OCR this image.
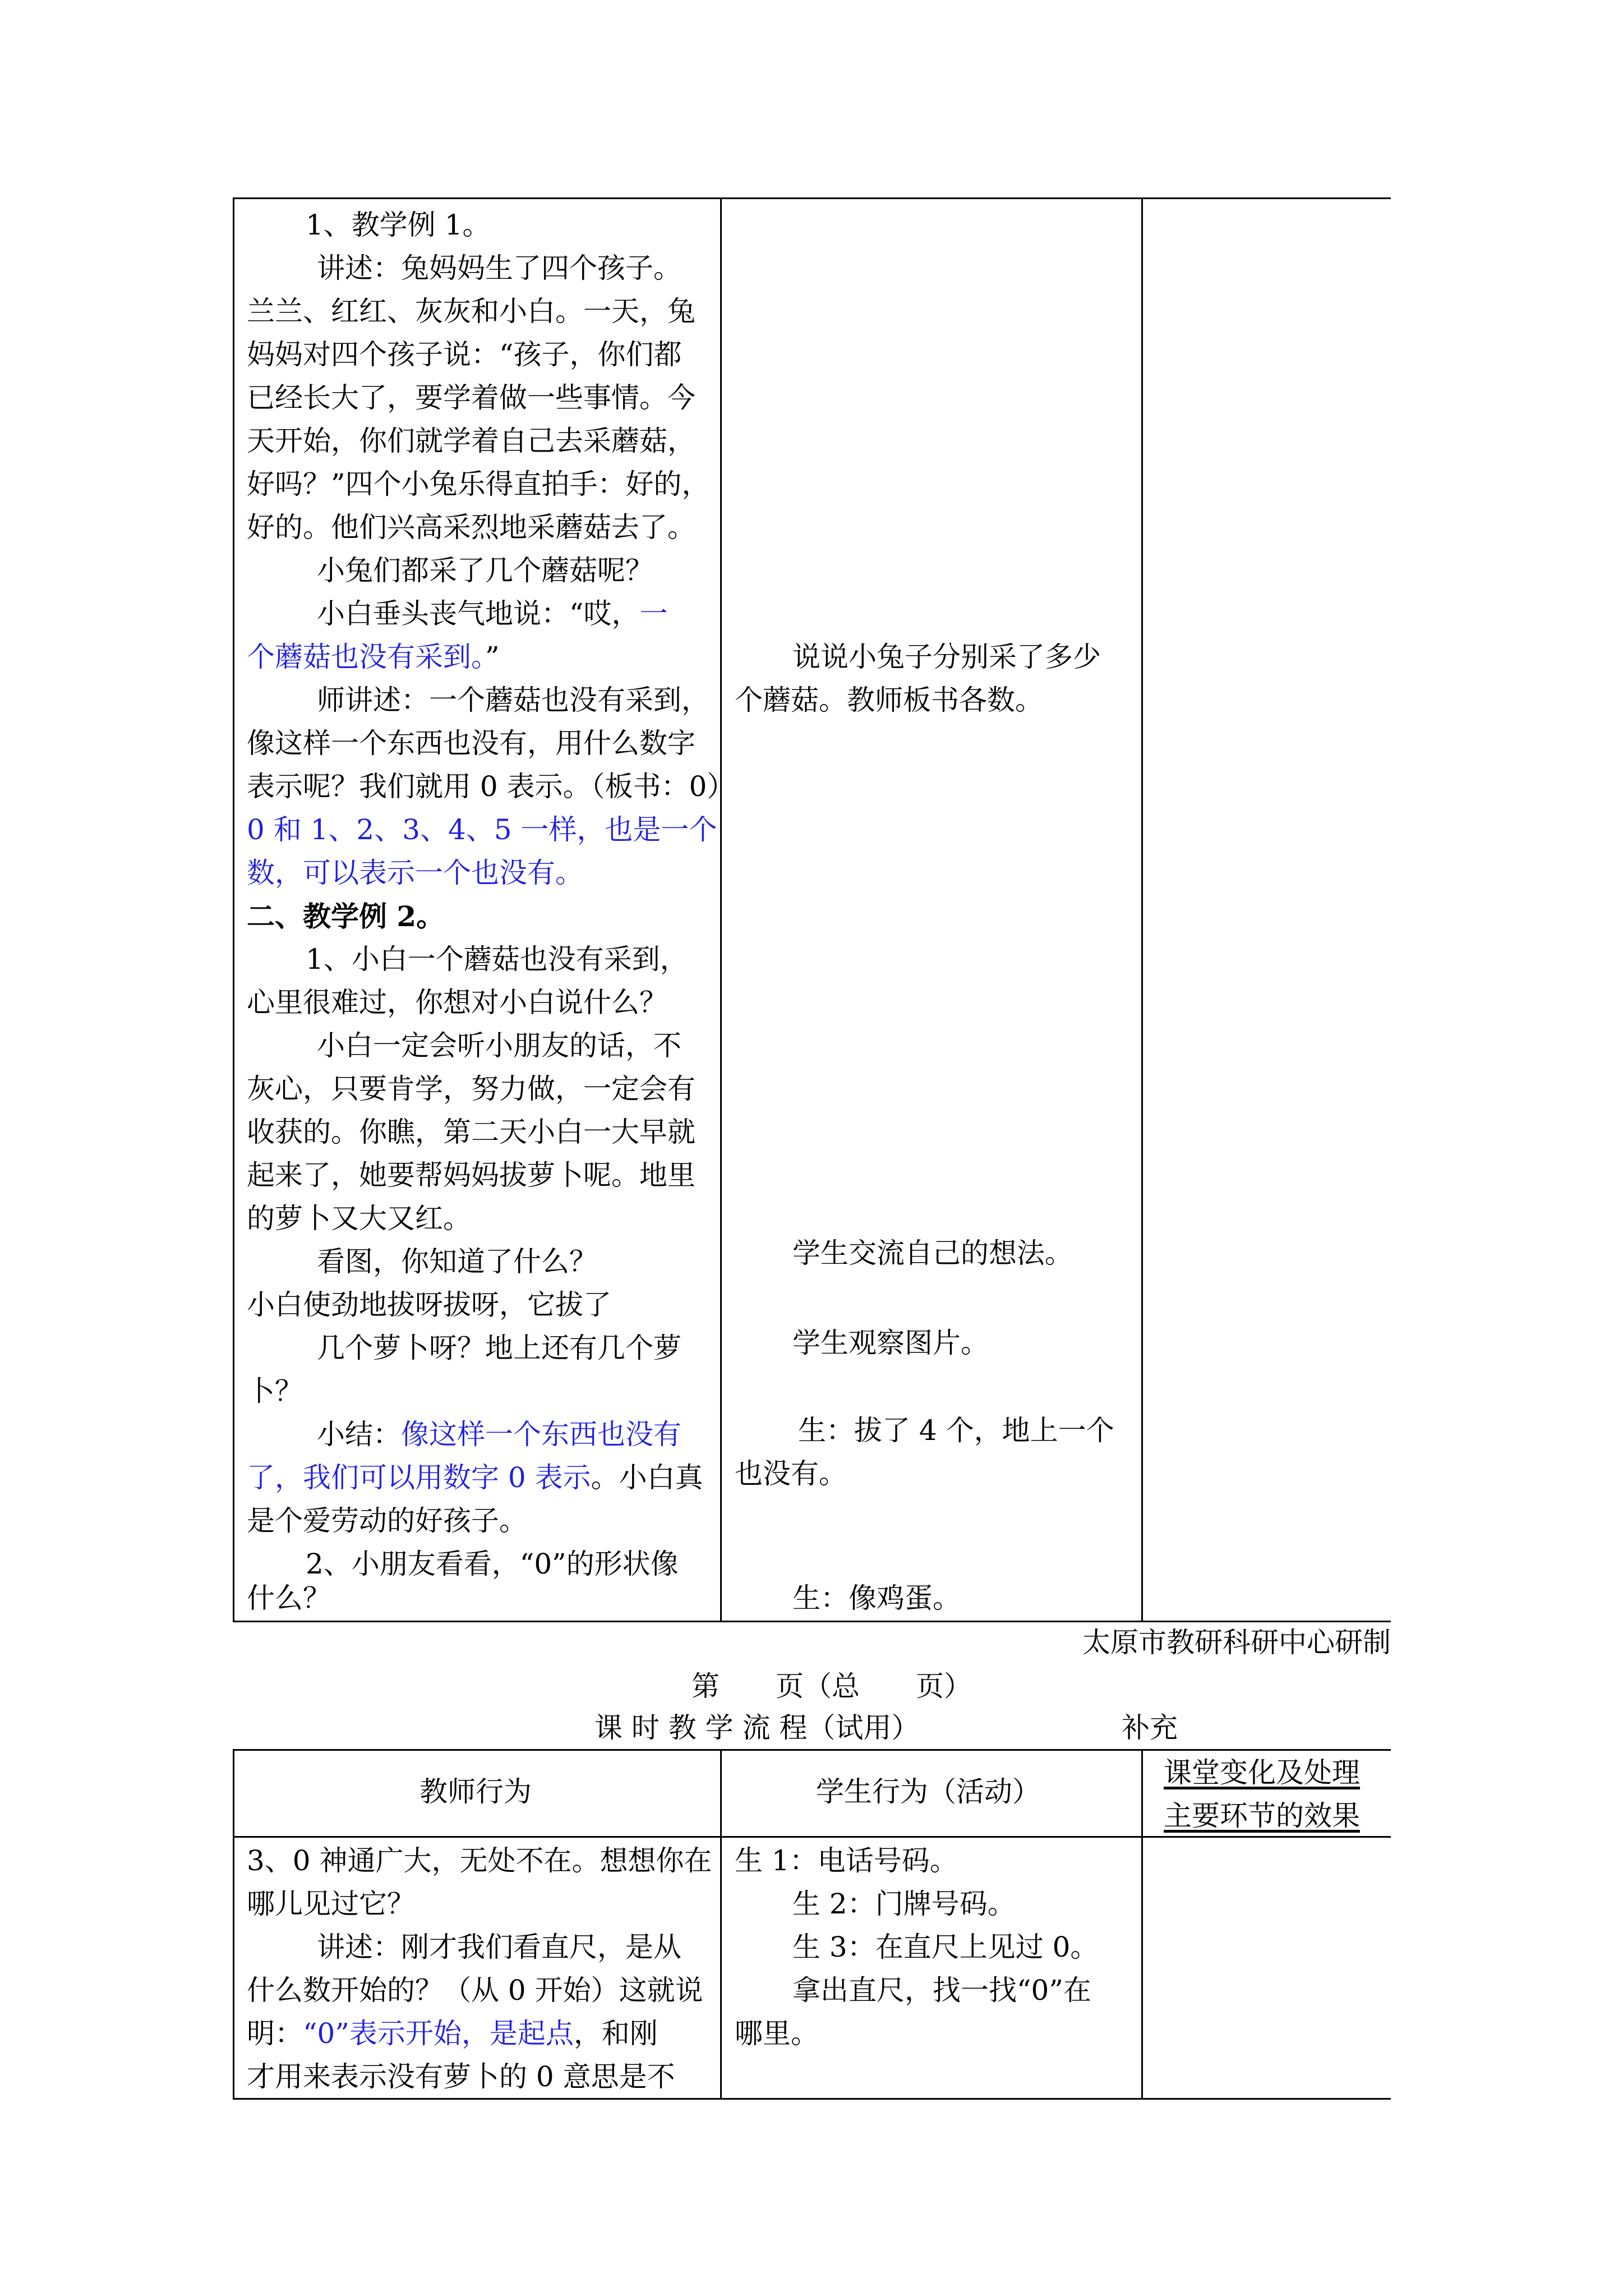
1、教学例 1。
讲述：兔妈妈生了四个孩子。
兰兰、红红、灰灰和小白。一天，兔
妈妈对四个孩子说：“孩子，你们都
已经长大了，要学着做一些事情。今
天开始，你们就学着自己去采蘑菇，
好吗？”四个小兔乐得直拍手：好的，
好的。他们兴高采烈地采蘑菇去了。
小兔们都采了几个蘑菇呢？
小白垂头丧气地说：“哎，一
个蘑菇也没有采到。”
师讲述：一个蘑菇也没有采到，
像这样一个东西也没有，用什么数字
表示呢？我们就用 0 表示。（板书：0）
0 和 1、2、3、4、5 一样，也是一个
数，可以表示一个也没有。
二、教学例 2。
1、小白一个蘑菇也没有采到，
心里很难过，你想对小白说什么？
小白一定会听小朋友的话，不
灰心，只要肯学，努力做，一定会有
收获的。你瞧，第二天小白一大早就
起来了，她要帮妈妈拔萝卜呢。地里
的萝卜又大又红。
看图，你知道了什么？
小白使劲地拔呀拔呀，它拔了
几个萝卜呀？地上还有几个萝
卜？
小结：像这样一个东西也没有
了，我们可以用数字 0 表示。小白真
是个爱劳动的好孩子。
2、小朋友看看，“0”的形状像
什么？
说说小兔子分别采了多少
个蘑菇。教师板书各数。
学生交流自己的想法。
学生观察图片。
生：拔了 4 个，地上一个
也没有。
生：像鸡蛋。
太原市教研科研中心研制
第　　页（总　　页）
课 时 教 学 流 程（试用）	补充
教师行为	学生行为（活动）
课堂变化及处理
主要环节的效果
3、0 神通广大，无处不在。想想你在
哪儿见过它？
讲述：刚才我们看直尺，是从
什么数开始的？（从 0 开始）这就说
明：“0”表示开始，是起点，和刚
才用来表示没有萝卜的 0 意思是不
生 1：电话号码。
生 2：门牌号码。
生 3：在直尺上见过 0。
拿出直尺，找一找“0”在
哪里。
